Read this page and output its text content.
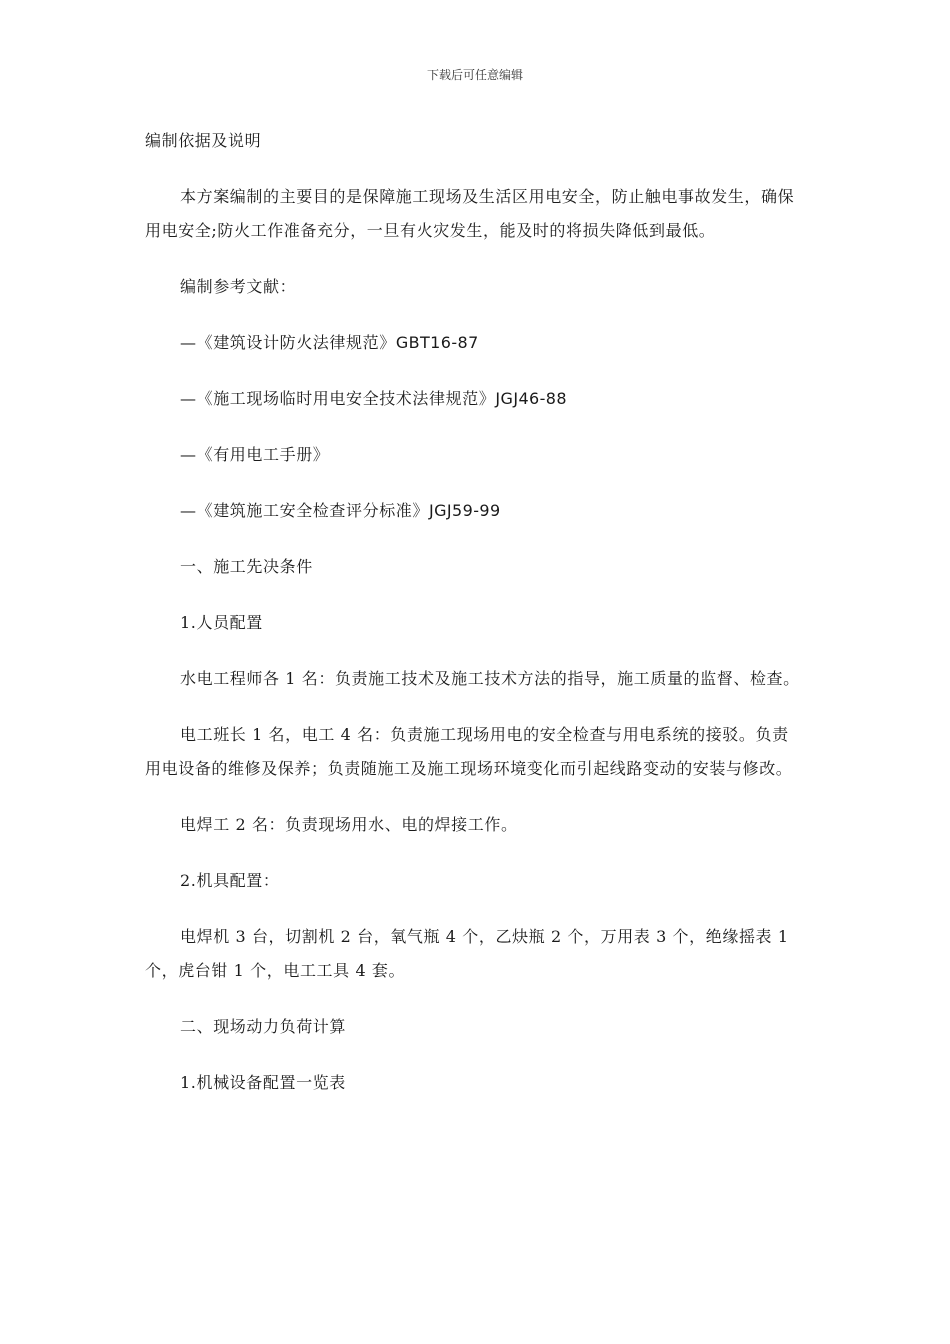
下载后可任意编辑

编制依据及说明

本方案编制的主要目的是保障施工现场及生活区用电安全，防止触电事故发生，确保用电安全;防火工作准备充分，一旦有火灾发生，能及时的将损失降低到最低。

编制参考文献：

—《建筑设计防火法律规范》GBT16-87

—《施工现场临时用电安全技术法律规范》JGJ46-88

—《有用电工手册》

—《建筑施工安全检查评分标准》JGJ59-99

一、施工先决条件

1.人员配置

水电工程师各 1 名：负责施工技术及施工技术方法的指导，施工质量的监督、检查。

电工班长 1 名，电工 4 名：负责施工现场用电的安全检查与用电系统的接驳。负责用电设备的维修及保养；负责随施工及施工现场环境变化而引起线路变动的安装与修改。

电焊工 2 名：负责现场用水、电的焊接工作。

2.机具配置：

电焊机 3 台，切割机 2 台，氧气瓶 4 个，乙炔瓶 2 个，万用表 3 个，绝缘摇表 1 个，虎台钳 1 个，电工工具 4 套。

二、现场动力负荷计算

1.机械设备配置一览表
